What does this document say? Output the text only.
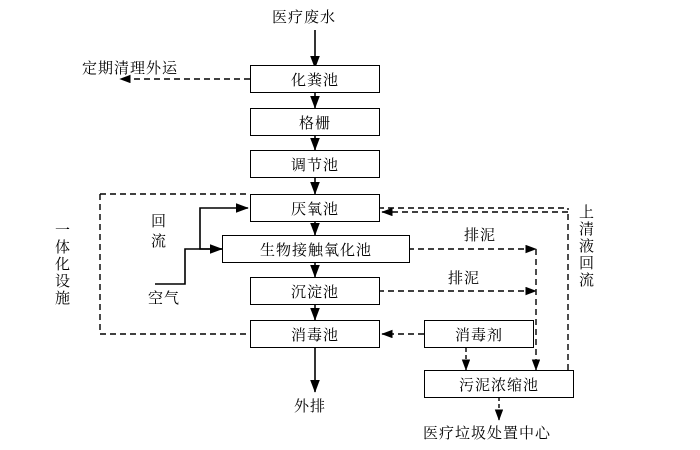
化粪池
格栅
调节池
厌氧池
生物接触氧化池
沉淀池
消毒池	消毒剂
污泥浓缩池
医疗废水
定期清理外运
回流
空气
排泥
排泥
一体化设施	上清液回流
外排
医疗垃圾处置中心
